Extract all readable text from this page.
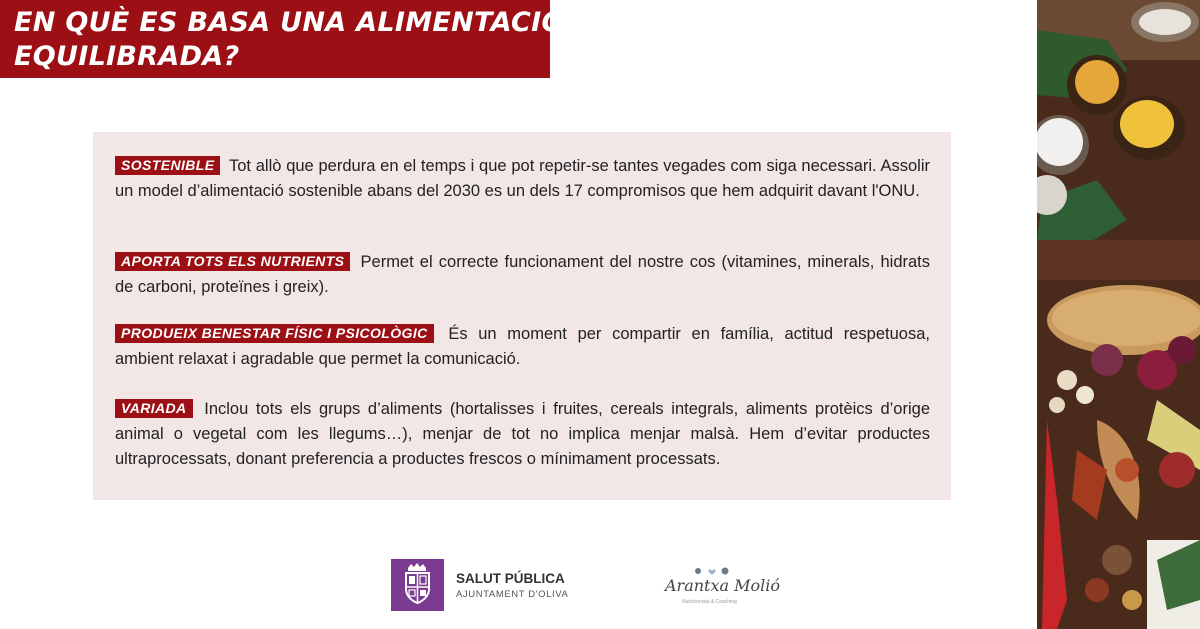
EN QUÈ ES BASA UNA ALIMENTACIÓ
EQUILIBRADA?
SOSTENIBLE Tot allò que perdura en el temps i que pot repetir-se tantes vegades com siga necessari. Assolir un model d’alimentació sostenible abans del 2030 es un dels 17 compromisos que hem adquirit davant l'ONU.
APORTA TOTS ELS NUTRIENTS Permet el correcte funcionament del nostre cos (vitamines, minerals, hidrats de carboni, proteïnes i greix).
PRODUEIX BENESTAR FÍSIC I PSICOLÒGIC És un moment per compartir en família, actitud respetuosa, ambient relaxat i agradable que permet la comunicació.
VARIADA Inclou tots els grups d’aliments (hortalisses i fruites, cereals integrals, aliments protèics d’orige animal o vegetal com les llegums…), menjar de tot no implica menjar malsà. Hem d’evitar productes ultraprocessats, donant preferencia a productes frescos o mínimament processats.
SALUT PÚBLICA
AJUNTAMENT D'OLIVA	Arantxa Molió
Nutricionista & Coaching
